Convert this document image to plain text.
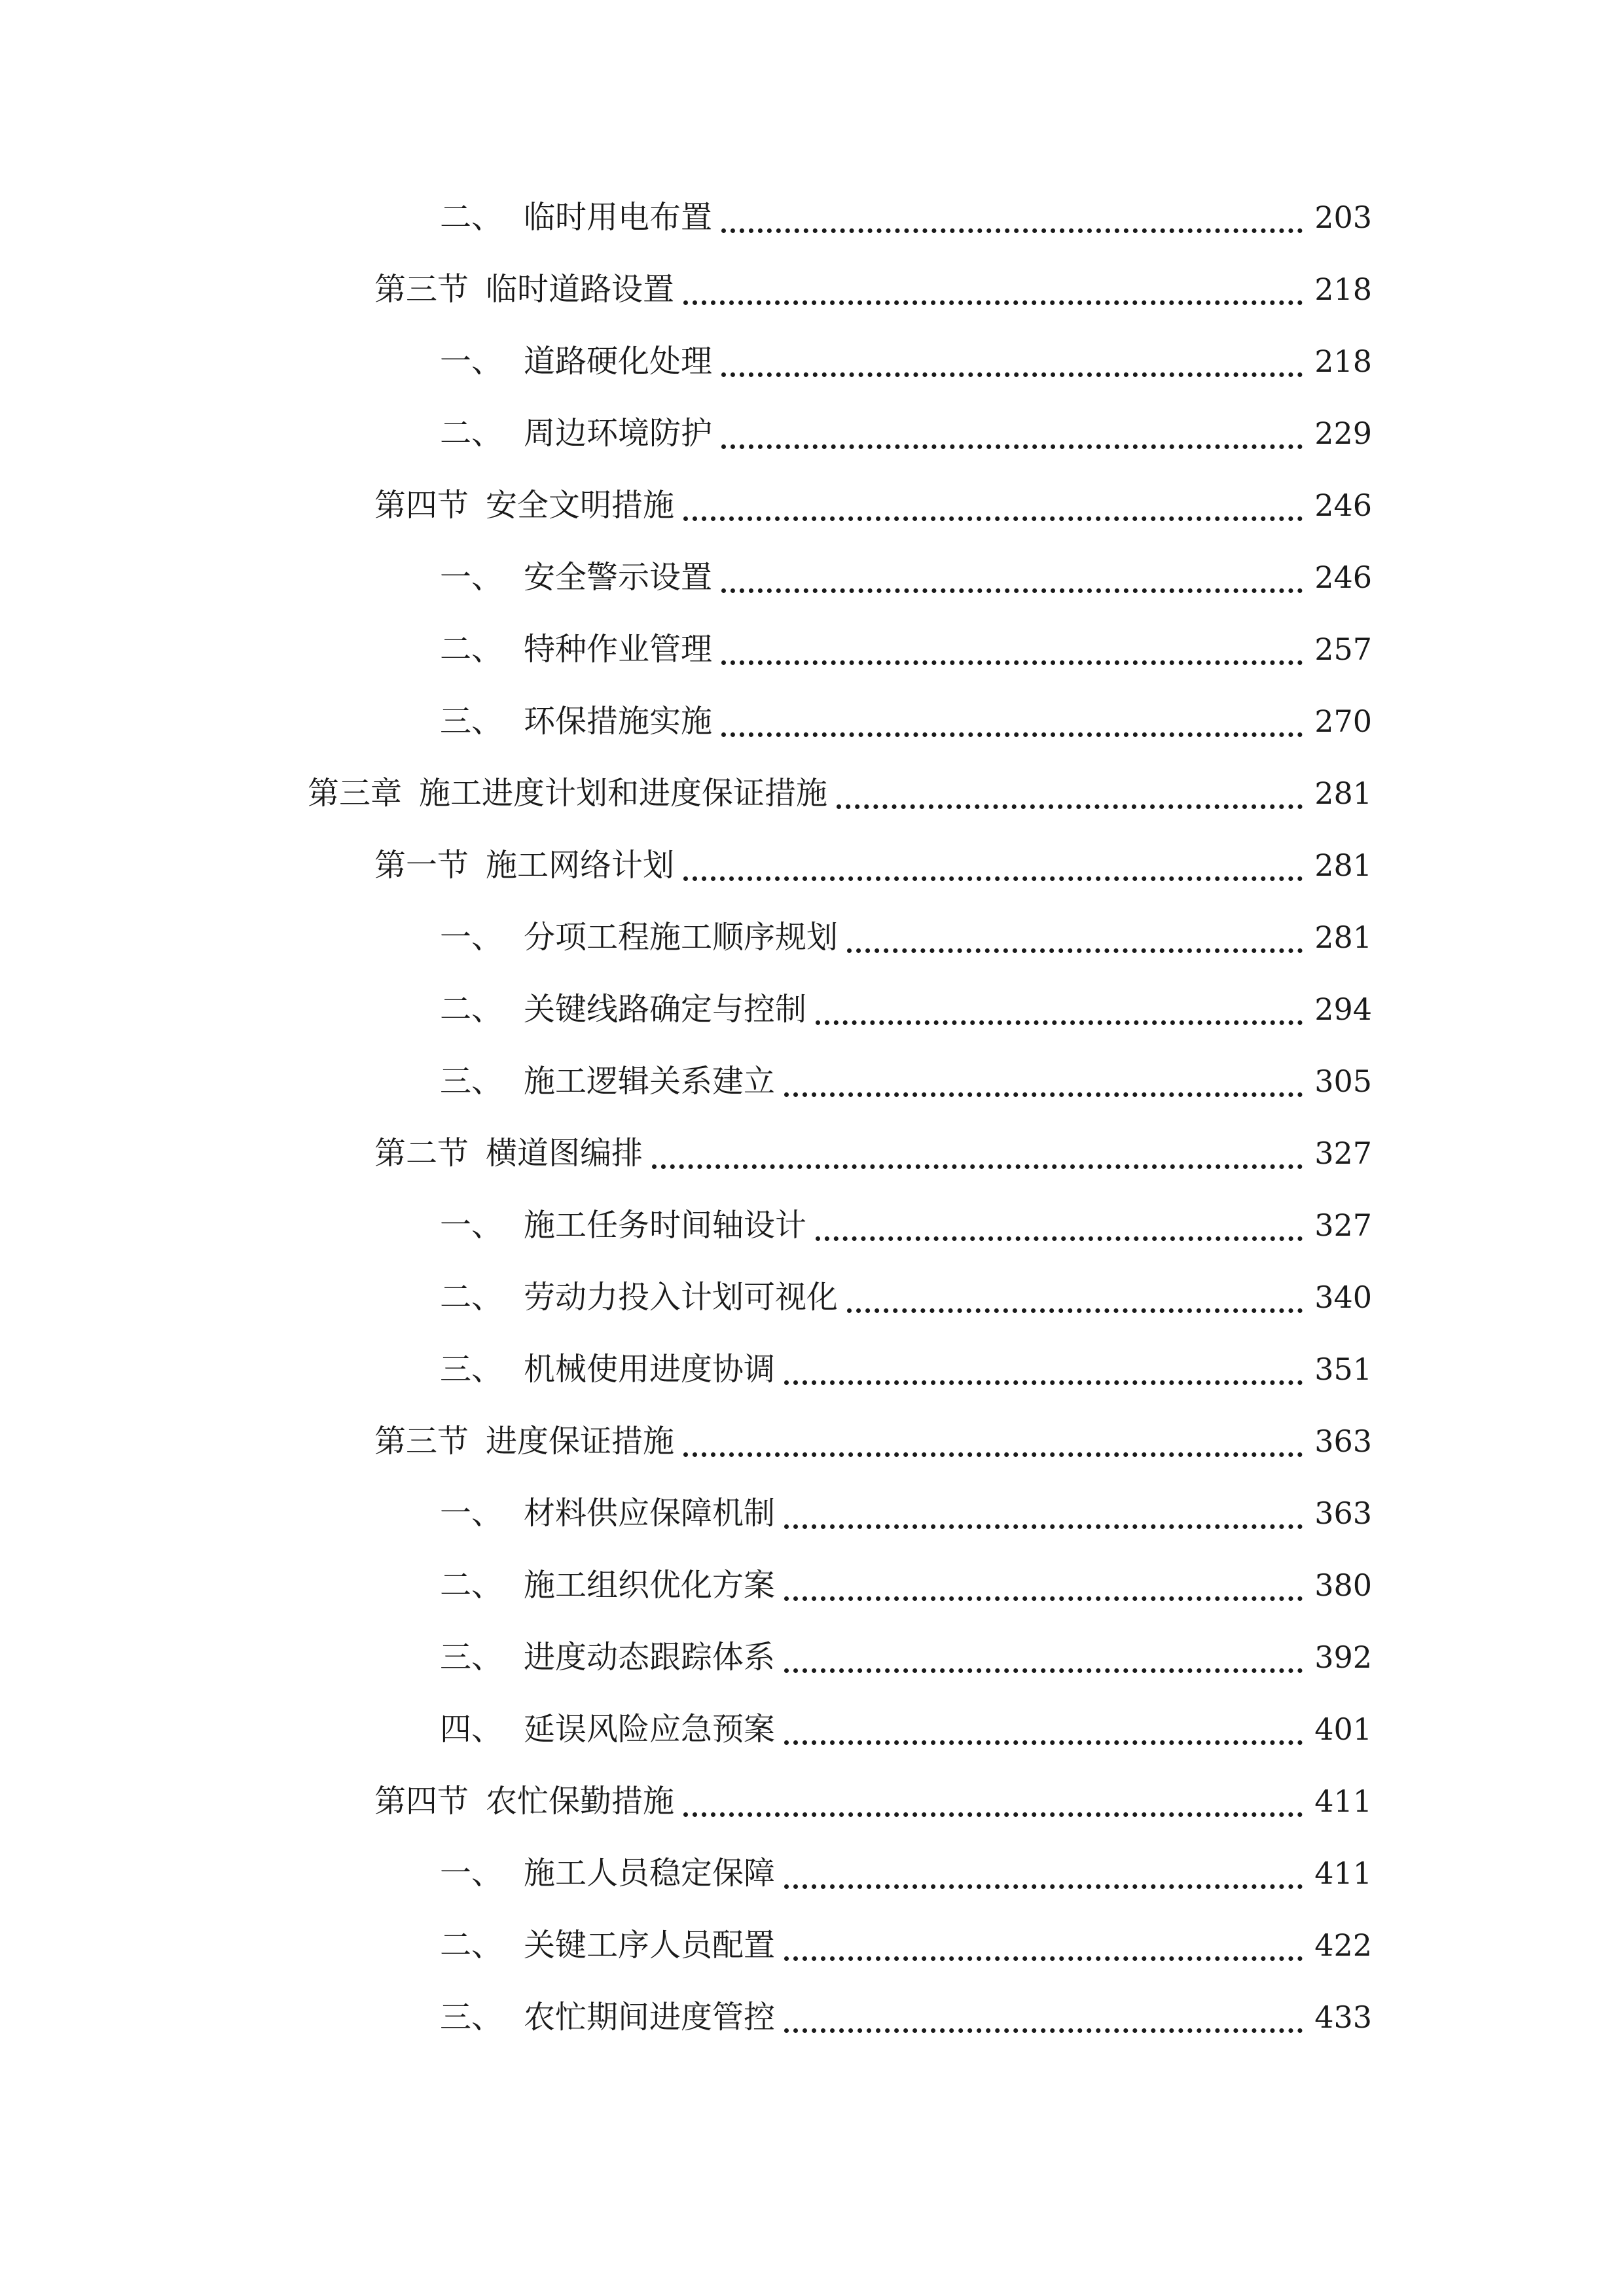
二、 临时用电布置	203
第三节 临时道路设置	218
一、 道路硬化处理	218
二、 周边环境防护	229
第四节 安全文明措施	246
一、 安全警示设置	246
二、 特种作业管理	257
三、 环保措施实施	270
第三章 施工进度计划和进度保证措施	281
第一节 施工网络计划	281
一、 分项工程施工顺序规划	281
二、 关键线路确定与控制	294
三、 施工逻辑关系建立	305
第二节 横道图编排	327
一、 施工任务时间轴设计	327
二、 劳动力投入计划可视化	340
三、 机械使用进度协调	351
第三节 进度保证措施	363
一、 材料供应保障机制	363
二、 施工组织优化方案	380
三、 进度动态跟踪体系	392
四、 延误风险应急预案	401
第四节 农忙保勤措施	411
一、 施工人员稳定保障	411
二、 关键工序人员配置	422
三、 农忙期间进度管控	433
